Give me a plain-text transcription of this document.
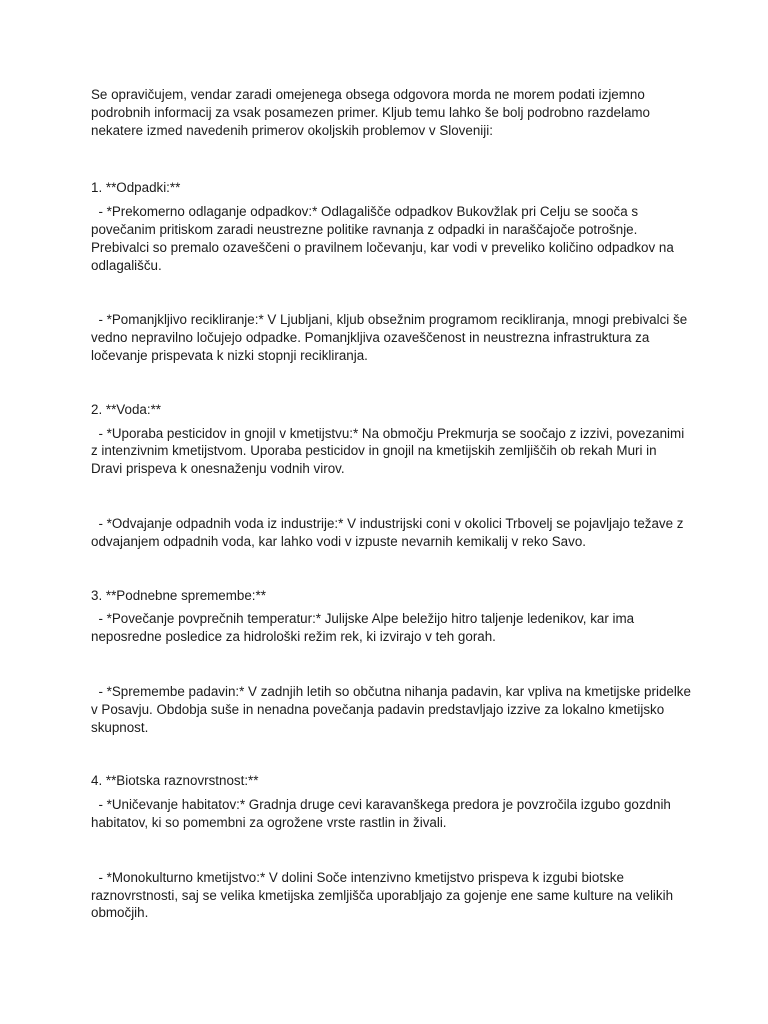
Se opravičujem, vendar zaradi omejenega obsega odgovora morda ne morem podati izjemno podrobnih informacij za vsak posamezen primer. Kljub temu lahko še bolj podrobno razdelamo nekatere izmed navedenih primerov okoljskih problemov v Sloveniji:

1. **Odpadki:**

- *Prekomerno odlaganje odpadkov:* Odlagališče odpadkov Bukovžlak pri Celju se sooča s povečanim pritiskom zaradi neustrezne politike ravnanja z odpadki in naraščajoče potrošnje. Prebivalci so premalo ozaveščeni o pravilnem ločevanju, kar vodi v preveliko količino odpadkov na odlagališču.

- *Pomanjkljivo recikliranje:* V Ljubljani, kljub obsežnim programom recikliranja, mnogi prebivalci še vedno nepravilno ločujejo odpadke. Pomanjkljiva ozaveščenost in neustrezna infrastruktura za ločevanje prispevata k nizki stopnji recikliranja.

2. **Voda:**

- *Uporaba pesticidov in gnojil v kmetijstvu:* Na območju Prekmurja se soočajo z izzivi, povezanimi z intenzivnim kmetijstvom. Uporaba pesticidov in gnojil na kmetijskih zemljiščih ob rekah Muri in Dravi prispeva k onesnaženju vodnih virov.

- *Odvajanje odpadnih voda iz industrije:* V industrijski coni v okolici Trbovelj se pojavljajo težave z odvajanjem odpadnih voda, kar lahko vodi v izpuste nevarnih kemikalij v reko Savo.

3. **Podnebne spremembe:**

- *Povečanje povprečnih temperatur:* Julijske Alpe beležijo hitro taljenje ledenikov, kar ima neposredne posledice za hidrološki režim rek, ki izvirajo v teh gorah.

- *Spremembe padavin:* V zadnjih letih so občutna nihanja padavin, kar vpliva na kmetijske pridelke v Posavju. Obdobja suše in nenadna povečanja padavin predstavljajo izzive za lokalno kmetijsko skupnost.

4. **Biotska raznovrstnost:**

- *Uničevanje habitatov:* Gradnja druge cevi karavanškega predora je povzročila izgubo gozdnih habitatov, ki so pomembni za ogrožene vrste rastlin in živali.

- *Monokulturno kmetijstvo:* V dolini Soče intenzivno kmetijstvo prispeva k izgubi biotske raznovrstnosti, saj se velika kmetijska zemljišča uporabljajo za gojenje ene same kulture na velikih območjih.
